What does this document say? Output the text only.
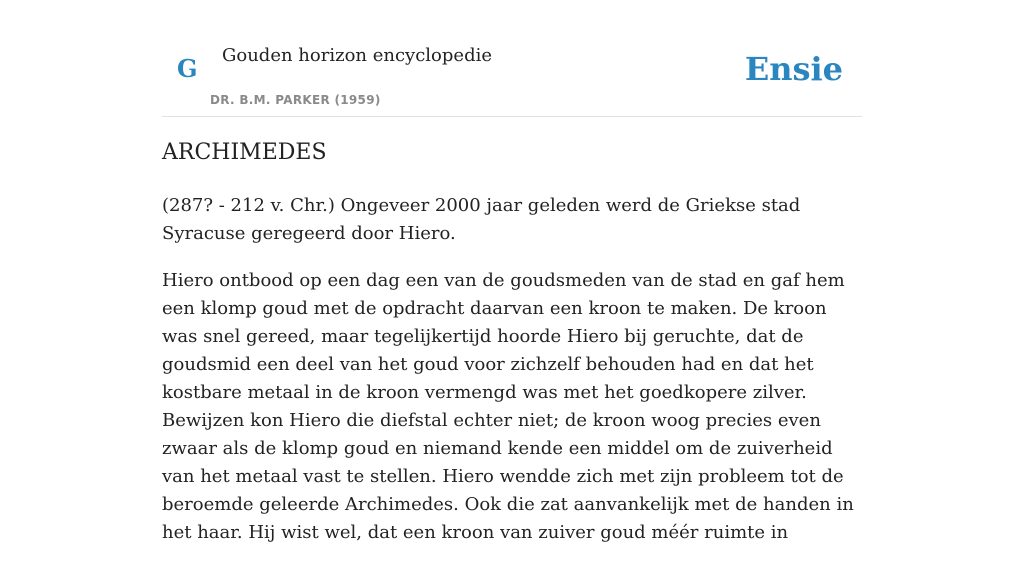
G Gouden horizon encyclopedie
DR. B.M. PARKER (1959)
Ensie
ARCHIMEDES

(287? - 212 v. Chr.) Ongeveer 2000 jaar geleden werd de Griekse stad Syracuse geregeerd door Hiero.

Hiero ontbood op een dag een van de goudsmeden van de stad en gaf hem een klomp goud met de opdracht daarvan een kroon te maken. De kroon was snel gereed, maar tegelijkertijd hoorde Hiero bij geruchte, dat de goudsmid een deel van het goud voor zichzelf behouden had en dat het kostbare metaal in de kroon vermengd was met het goedkopere zilver. Bewijzen kon Hiero die diefstal echter niet; de kroon woog precies even zwaar als de klomp goud en niemand kende een middel om de zuiverheid van het metaal vast te stellen. Hiero wendde zich met zijn probleem tot de beroemde geleerde Archimedes. Ook die zat aanvankelijk met de handen in het haar. Hij wist wel, dat een kroon van zuiver goud méér ruimte in
